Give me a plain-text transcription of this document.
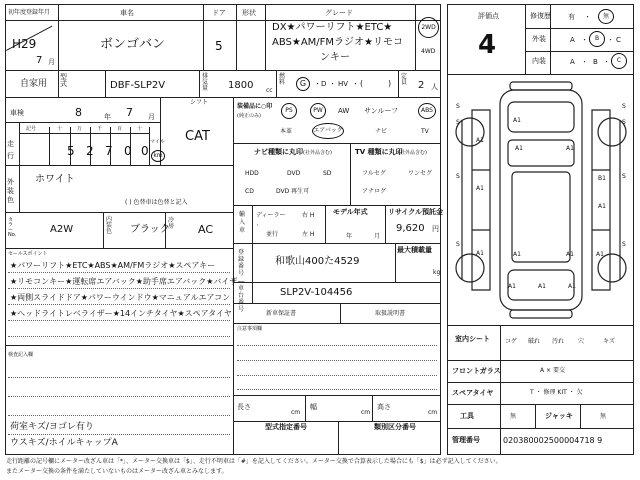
初年度登録年月	車名	ドア 形状	グレード
H29
7 月
ボンゴバン	5
DX★パワーリフト★ETC★
ABS★AM/FMラジオ★リモコ
ンキー
2WD
4WD
自家用
型式	DBF-SLP2V
排気量 1800 cc
燃料	G	・ D ・ HV ・ (	)
定員 2 人
車検	8	年 7 月
シフト
CAT
走行
記号	十	万	千	百	十
5 2 7 0 0
マイル
km
外装色
ホワイト
( ) 色替車は色替と記入
カラー No.	A2W
内装色 ブラック
冷房 AC
セールスポイント
★パワーリフト★ETC★ABS★AM/FMラジオ★スペアキー
★リモコンキー★運転席エアバック★助手席エアバック★バイザー
★両側スライドドア★パワーウインドウ★マニュアルエアコン
★ヘッドライトレベライザー★14インチタイヤ★スペアタイヤ
検査記入欄
荷室キズ/ヨゴレ有り
ウスキズ/ホイルキャップA
装備品に○印
(純正のみ)
PS	PW	AW サンルーフ	ABS
本革	エアバック	ナビ	TV
ナビ種類に丸印 (社外品含む)
HDD	DVD	SD
CD	DVD 再生可
TV 種類に丸印
(社外品含む)
フルセグ	ワンセグ
アナログ
輸入車
ディーラー
・
並行
右 H
左 H
モデル年式
年	月
リサイクル預託金
9,620 円
登録番号
和歌山400た4529
最大積載量
kg
車台番号
SLP2V-104456
新車保証書	取扱説明書
注意事項欄
長さ
cm
幅
cm
高さ
cm
型式指定番号	類別区分番号
評価点
4
修復歴 有 ・	無
外装	A ・	B	・ C
内装	A ・ B ・	C
A1
A1	A1
A1
A1
B1
A1
A1	A1	A1
A1	A1	A1
A1
S
S
S
S
S
S
S
S
室内シート	コゲ 破れ 汚れ 穴	キズ
フロントガラス	A × 要交
スペアタイヤ	T ・ 修理 KIT ・ 欠
工具	無	ジャッキ	無
管理番号	020380002500004718 9
走行距離の記号欄にメーター改ざん車は「*」、メーター交換車は「$」、走行不明車は「#」を記入してください。メーター交換で合算表示した場合にも「$」は必ず記入してください。
またメーター交換の条件を満たしていないものはメーター改ざん車とみなします。
